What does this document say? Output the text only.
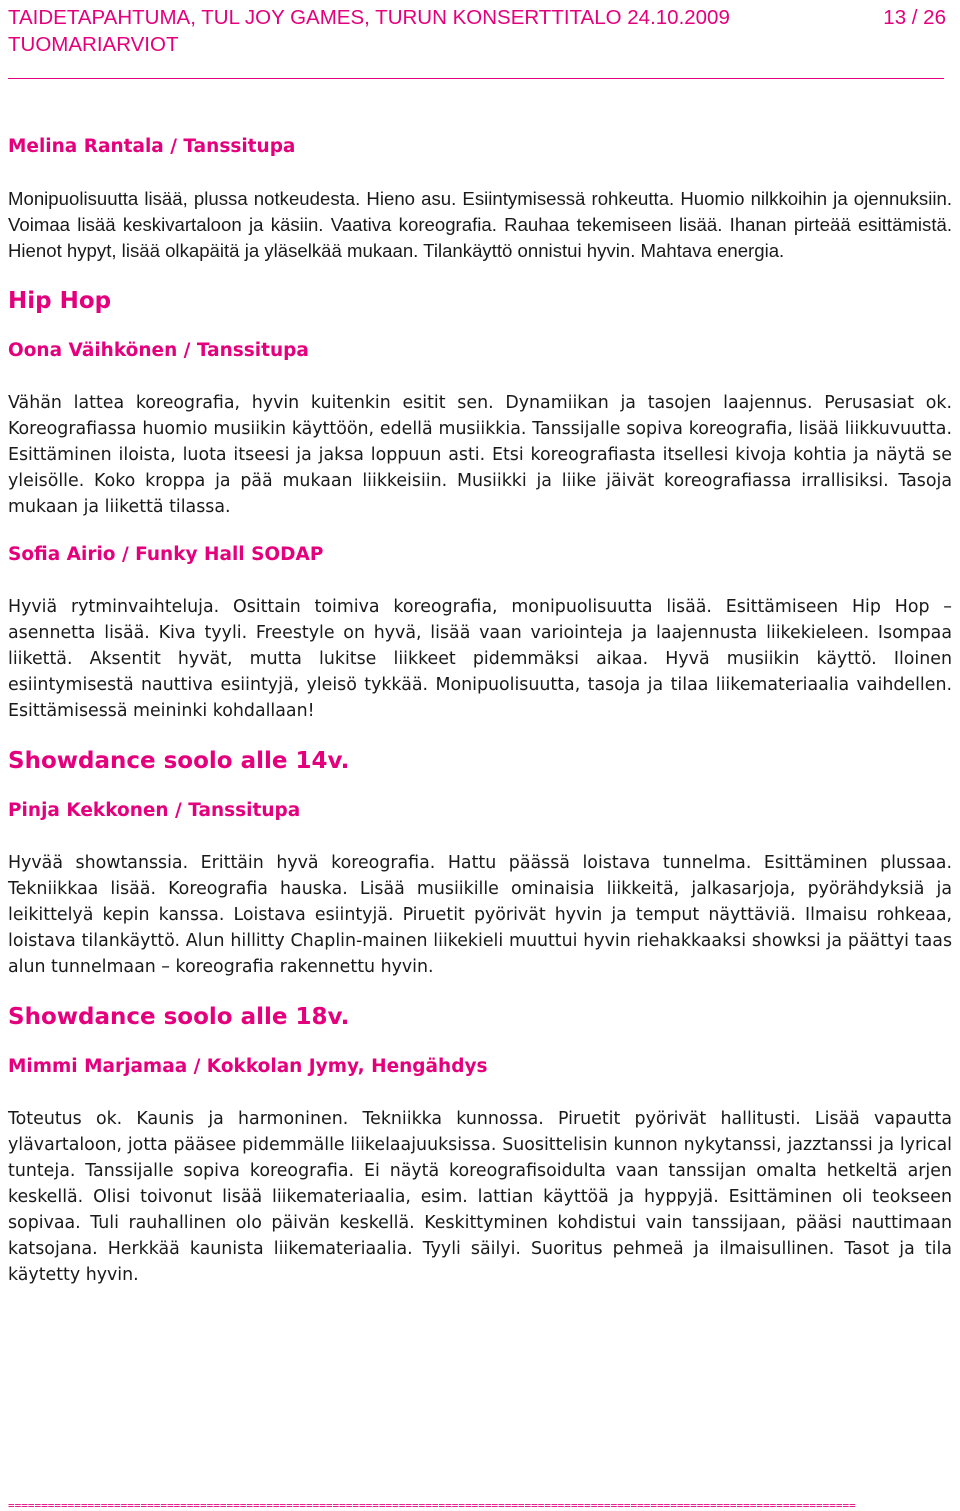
TAIDETAPAHTUMA, TUL JOY GAMES, TURUN KONSERTTITALO 24.10.2009
TUOMARIARVIOT
13 / 26
Melina Rantala / Tanssitupa

Monipuolisuutta lisää, plussa notkeudesta. Hieno asu. Esiintymisessä rohkeutta. Huomio nilkkoihin ja ojennuksiin. Voimaa lisää keskivartaloon ja käsiin. Vaativa koreografia. Rauhaa tekemiseen lisää. Ihanan pirteää esittämistä. Hienot hypyt, lisää olkapäitä ja yläselkää mukaan. Tilankäyttö onnistui hyvin. Mahtava energia.

Hip Hop
Oona Väihkönen / Tanssitupa

Vähän lattea koreografia, hyvin kuitenkin esitit sen. Dynamiikan ja tasojen laajennus. Perusasiat ok. Koreografiassa huomio musiikin käyttöön, edellä musiikkia. Tanssijalle sopiva koreografia, lisää liikkuvuutta. Esittäminen iloista, luota itseesi ja jaksa loppuun asti. Etsi koreografiasta itsellesi kivoja kohtia ja näytä se yleisölle. Koko kroppa ja pää mukaan liikkeisiin. Musiikki ja liike jäivät koreografiassa irrallisiksi. Tasoja mukaan ja liikettä tilassa.

Sofia Airio / Funky Hall SODAP

Hyviä rytminvaihteluja. Osittain toimiva koreografia, monipuolisuutta lisää. Esittämiseen Hip Hop –asennetta lisää. Kiva tyyli. Freestyle on hyvä, lisää vaan variointeja ja laajennusta liikekieleen. Isompaa liikettä. Aksentit hyvät, mutta lukitse liikkeet pidemmäksi aikaa. Hyvä musiikin käyttö. Iloinen esiintymisestä nauttiva esiintyjä, yleisö tykkää. Monipuolisuutta, tasoja ja tilaa liikemateriaalia vaihdellen. Esittämisessä meininki kohdallaan!

Showdance soolo alle 14v.
Pinja Kekkonen / Tanssitupa

Hyvää showtanssia. Erittäin hyvä koreografia. Hattu päässä loistava tunnelma. Esittäminen plussaa. Tekniikkaa lisää. Koreografia hauska. Lisää musiikille ominaisia liikkeitä, jalkasarjoja, pyörähdyksiä ja leikittelyä kepin kanssa. Loistava esiintyjä. Piruetit pyörivät hyvin ja temput näyttäviä. Ilmaisu rohkeaa, loistava tilankäyttö. Alun hillitty Chaplin-mainen liikekieli muuttui hyvin riehakkaaksi showksi ja päättyi taas alun tunnelmaan – koreografia rakennettu hyvin.

Showdance soolo alle 18v.
Mimmi Marjamaa / Kokkolan Jymy, Hengähdys

Toteutus ok. Kaunis ja harmoninen. Tekniikka kunnossa. Piruetit pyörivät hallitusti. Lisää vapautta ylävartaloon, jotta pääsee pidemmälle liikelaajuuksissa. Suosittelisin kunnon nykytanssi, jazztanssi ja lyrical tunteja. Tanssijalle sopiva koreografia. Ei näytä koreografisoidulta vaan tanssijan omalta hetkeltä arjen keskellä. Olisi toivonut lisää liikemateriaalia, esim. lattian käyttöä ja hyppyjä. Esittäminen oli teokseen sopivaa. Tuli rauhallinen olo päivän keskellä. Keskittyminen kohdistui vain tanssijaan, pääsi nauttimaan katsojana. Herkkää kaunista liikemateriaalia. Tyyli säilyi. Suoritus pehmeä ja ilmaisullinen. Tasot ja tila käytetty hyvin.

================================================================================================================================
